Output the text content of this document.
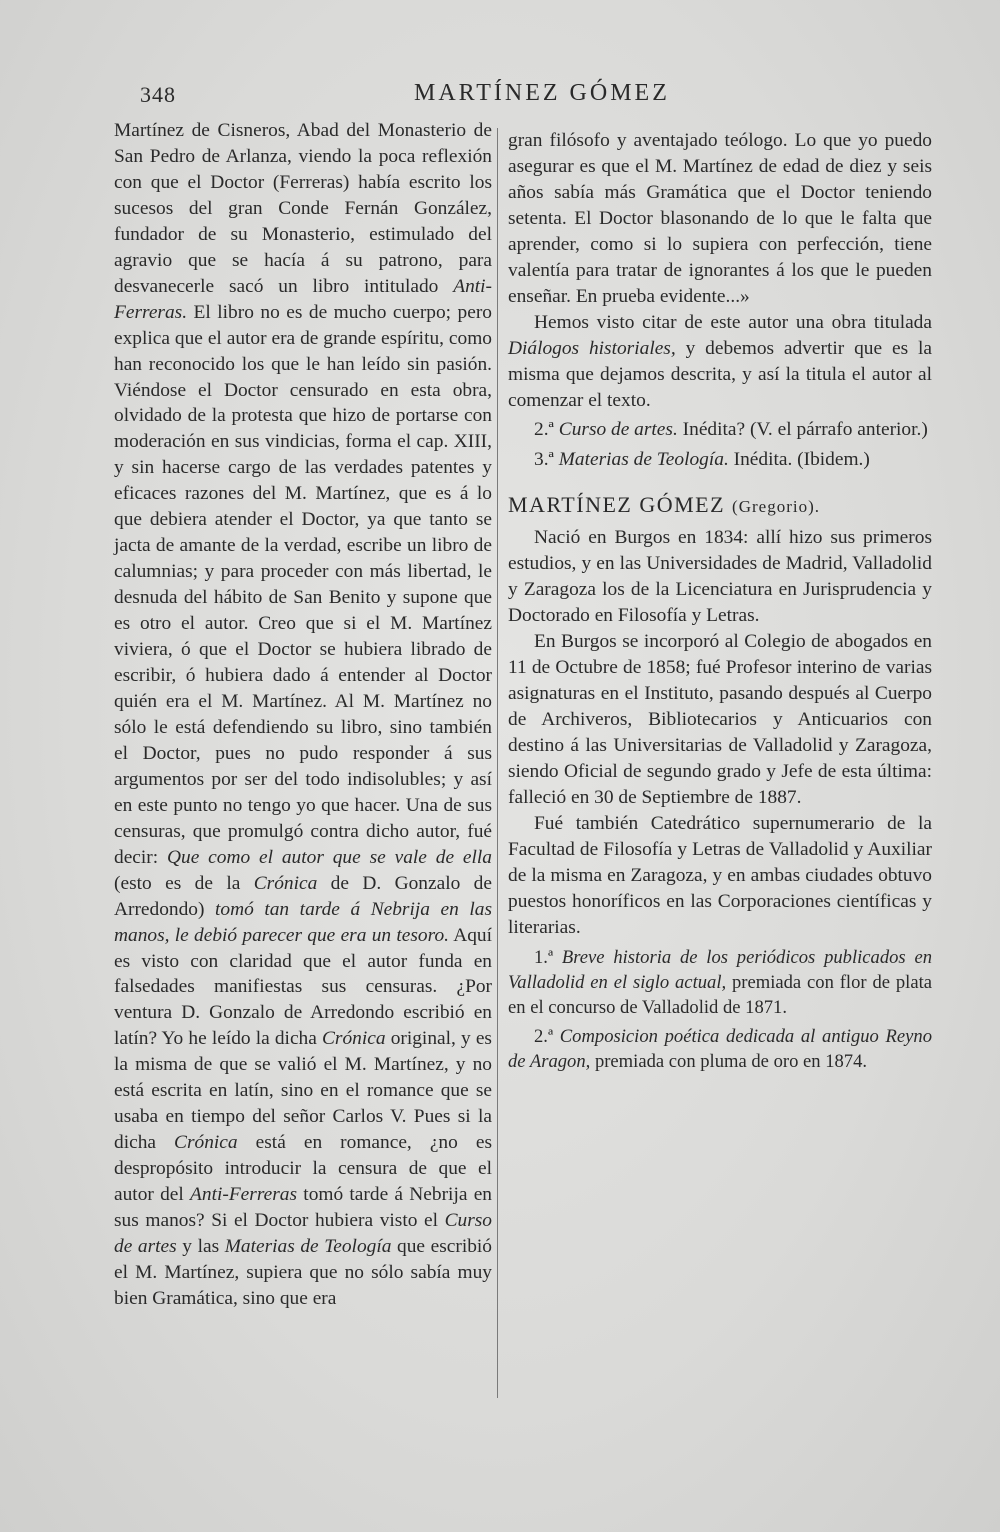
348	MARTÍNEZ GÓMEZ

Martínez de Cisneros, Abad del Monasterio de San Pedro de Arlanza, viendo la poca reflexión con que el Doctor (Ferreras) había escrito los sucesos del gran Conde Fernán González, fundador de su Monasterio, estimulado del agravio que se hacía á su patrono, para desvanecerle sacó un libro intitulado Anti-Ferreras. El libro no es de mucho cuerpo; pero explica que el autor era de grande espíritu, como han reconocido los que le han leído sin pasión. Viéndose el Doctor censurado en esta obra, olvidado de la protesta que hizo de portarse con moderación en sus vindicias, forma el cap. XIII, y sin hacerse cargo de las verdades patentes y eficaces razones del M. Martínez, que es á lo que debiera atender el Doctor, ya que tanto se jacta de amante de la verdad, escribe un libro de calumnias; y para proceder con más libertad, le desnuda del hábito de San Benito y supone que es otro el autor. Creo que si el M. Martínez viviera, ó que el Doctor se hubiera librado de escribir, ó hubiera dado á entender al Doctor quién era el M. Martínez. Al M. Martínez no sólo le está defendiendo su libro, sino también el Doctor, pues no pudo responder á sus argumentos por ser del todo indisolubles; y así en este punto no tengo yo que hacer. Una de sus censuras, que promulgó contra dicho autor, fué decir: Que como el autor que se vale de ella (esto es de la Crónica de D. Gonzalo de Arredondo) tomó tan tarde á Nebrija en las manos, le debió parecer que era un tesoro. Aquí es visto con claridad que el autor funda en falsedades manifiestas sus censuras. ¿Por ventura D. Gonzalo de Arredondo escribió en latín? Yo he leído la dicha Crónica original, y es la misma de que se valió el M. Martínez, y no está escrita en latín, sino en el romance que se usaba en tiempo del señor Carlos V. Pues si la dicha Crónica está en romance, ¿no es despropósito introducir la censura de que el autor del Anti-Ferreras tomó tarde á Nebrija en sus manos? Si el Doctor hubiera visto el Curso de artes y las Materias de Teología que escribió el M. Martínez, supiera que no sólo sabía muy bien Gramática, sino que era

gran filósofo y aventajado teólogo. Lo que yo puedo asegurar es que el M. Martínez de edad de diez y seis años sabía más Gramática que el Doctor teniendo setenta. El Doctor blasonando de lo que le falta que aprender, como si lo supiera con perfección, tiene valentía para tratar de ignorantes á los que le pueden enseñar. En prueba evidente...»

Hemos visto citar de este autor una obra titulada Diálogos historiales, y debemos advertir que es la misma que dejamos descrita, y así la titula el autor al comenzar el texto.

2.ª Curso de artes. Inédita? (V. el párrafo anterior.)

3.ª Materias de Teología. Inédita. (Ibidem.)

MARTÍNEZ GÓMEZ (Gregorio).

Nació en Burgos en 1834: allí hizo sus primeros estudios, y en las Universidades de Madrid, Valladolid y Zaragoza los de la Licenciatura en Jurisprudencia y Doctorado en Filosofía y Letras.

En Burgos se incorporó al Colegio de abogados en 11 de Octubre de 1858; fué Profesor interino de varias asignaturas en el Instituto, pasando después al Cuerpo de Archiveros, Bibliotecarios y Anticuarios con destino á las Universitarias de Valladolid y Zaragoza, siendo Oficial de segundo grado y Jefe de esta última: falleció en 30 de Septiembre de 1887.

Fué también Catedrático supernumerario de la Facultad de Filosofía y Letras de Valladolid y Auxiliar de la misma en Zaragoza, y en ambas ciudades obtuvo puestos honoríficos en las Corporaciones científicas y literarias.

1.ª Breve historia de los periódicos publicados en Valladolid en el siglo actual, premiada con flor de plata en el concurso de Valladolid de 1871.

2.ª Composicion poética dedicada al antiguo Reyno de Aragon, premiada con pluma de oro en 1874.
